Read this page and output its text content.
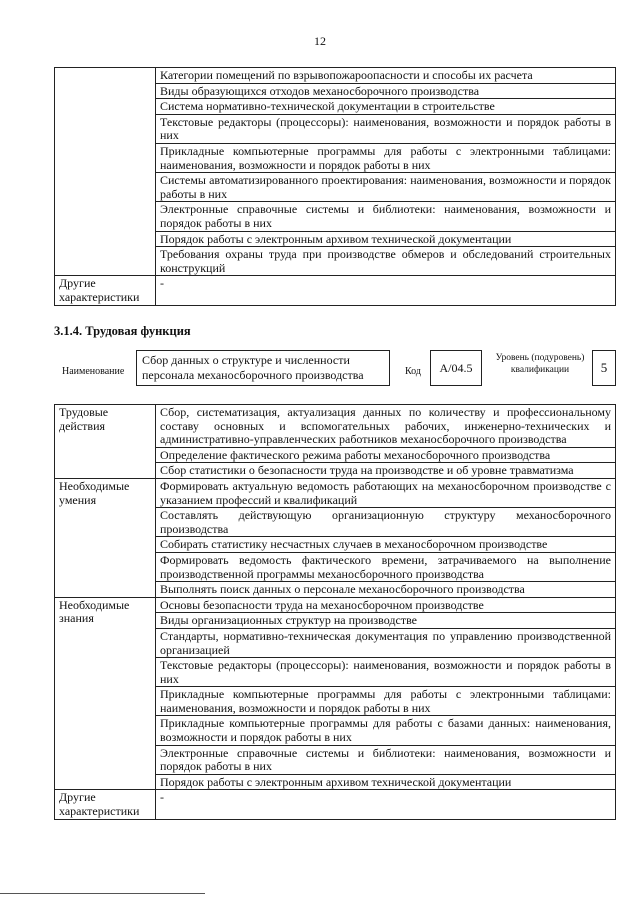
12
	Категории помещений по взрывопожароопасности и способы их расчета
	Виды образующихся отходов механосборочного производства
	Система нормативно-технической документации в строительстве
	Текстовые редакторы (процессоры): наименования, возможности и порядок работы в них
	Прикладные компьютерные программы для работы с электронными таблицами: наименования, возможности и порядок работы в них
	Системы автоматизированного проектирования: наименования, возможности и порядок работы в них
	Электронные справочные системы и библиотеки: наименования, возможности и порядок работы в них
	Порядок работы с электронным архивом технической документации
	Требования охраны труда при производстве обмеров и обследований строительных конструкций
Другие характеристики	-
3.1.4. Трудовая функция
Наименование
Сбор данных о структуре и численности персонала механосборочного производства	Код	A/04.5
Уровень (подуровень) квалификации	5
Трудовые действия	Сбор, систематизация, актуализация данных по количеству и профессиональному составу основных и вспомогательных рабочих, инженерно-технических и административно-управленческих работников механосборочного производства
	Определение фактического режима работы механосборочного производства
	Сбор статистики о безопасности труда на производстве и об уровне травматизма
Необходимые умения	Формировать актуальную ведомость работающих на механосборочном производстве с указанием профессий и квалификаций
	Составлять действующую организационную структуру механосборочного производства
	Собирать статистику несчастных случаев в механосборочном производстве
	Формировать ведомость фактического времени, затрачиваемого на выполнение производственной программы механосборочного производства
	Выполнять поиск данных о персонале механосборочного производства
Необходимые знания	Основы безопасности труда на механосборочном производстве
	Виды организационных структур на производстве
	Стандарты, нормативно-техническая документация по управлению производственной организацией
	Текстовые редакторы (процессоры): наименования, возможности и порядок работы в них
	Прикладные компьютерные программы для работы с электронными таблицами: наименования, возможности и порядок работы в них
	Прикладные компьютерные программы для работы с базами данных: наименования, возможности и порядок работы в них
	Электронные справочные системы и библиотеки: наименования, возможности и порядок работы в них
	Порядок работы с электронным архивом технической документации
Другие характеристики	-
